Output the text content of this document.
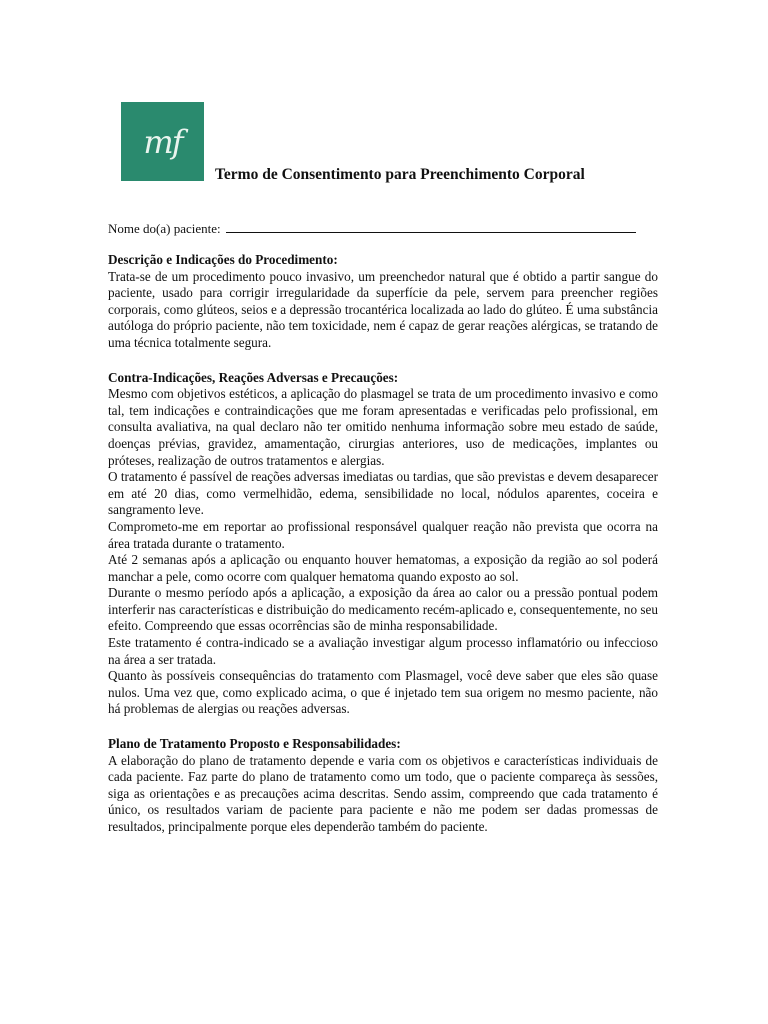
mf
Termo de Consentimento para Preenchimento Corporal

Nome do(a) paciente:

Descrição e Indicações do Procedimento:

Trata-se de um procedimento pouco invasivo, um preenchedor natural que é obtido a partir sangue do paciente, usado para corrigir irregularidade da superfície da pele, servem para preencher regiões corporais, como glúteos, seios e a depressão trocantérica localizada ao lado do glúteo. É uma substância autóloga do próprio paciente, não tem toxicidade, nem é capaz de gerar reações alérgicas, se tratando de uma técnica totalmente segura.

Contra-Indicações, Reações Adversas e Precauções:

Mesmo com objetivos estéticos, a aplicação do plasmagel se trata de um procedimento invasivo e como tal, tem indicações e contraindicações que me foram apresentadas e verificadas pelo profissional, em consulta avaliativa, na qual declaro não ter omitido nenhuma informação sobre meu estado de saúde, doenças prévias, gravidez, amamentação, cirurgias anteriores, uso de medicações, implantes ou próteses, realização de outros tratamentos e alergias.

O tratamento é passível de reações adversas imediatas ou tardias, que são previstas e devem desaparecer em até 20 dias, como vermelhidão, edema, sensibilidade no local, nódulos aparentes, coceira e sangramento leve.

Comprometo-me em reportar ao profissional responsável qualquer reação não prevista que ocorra na área tratada durante o tratamento.

Até 2 semanas após a aplicação ou enquanto houver hematomas, a exposição da região ao sol poderá manchar a pele, como ocorre com qualquer hematoma quando exposto ao sol.

Durante o mesmo período após a aplicação, a exposição da área ao calor ou a pressão pontual podem interferir nas características e distribuição do medicamento recém-aplicado e, consequentemente, no seu efeito. Compreendo que essas ocorrências são de minha responsabilidade.

Este tratamento é contra-indicado se a avaliação investigar algum processo inflamatório ou infeccioso na área a ser tratada.

Quanto às possíveis consequências do tratamento com Plasmagel, você deve saber que eles são quase nulos. Uma vez que, como explicado acima, o que é injetado tem sua origem no mesmo paciente, não há problemas de alergias ou reações adversas.

Plano de Tratamento Proposto e Responsabilidades:

A elaboração do plano de tratamento depende e varia com os objetivos e características individuais de cada paciente. Faz parte do plano de tratamento como um todo, que o paciente compareça às sessões, siga as orientações e as precauções acima descritas. Sendo assim, compreendo que cada tratamento é único, os resultados variam de paciente para paciente e não me podem ser dadas promessas de resultados, principalmente porque eles dependerão também do paciente.
